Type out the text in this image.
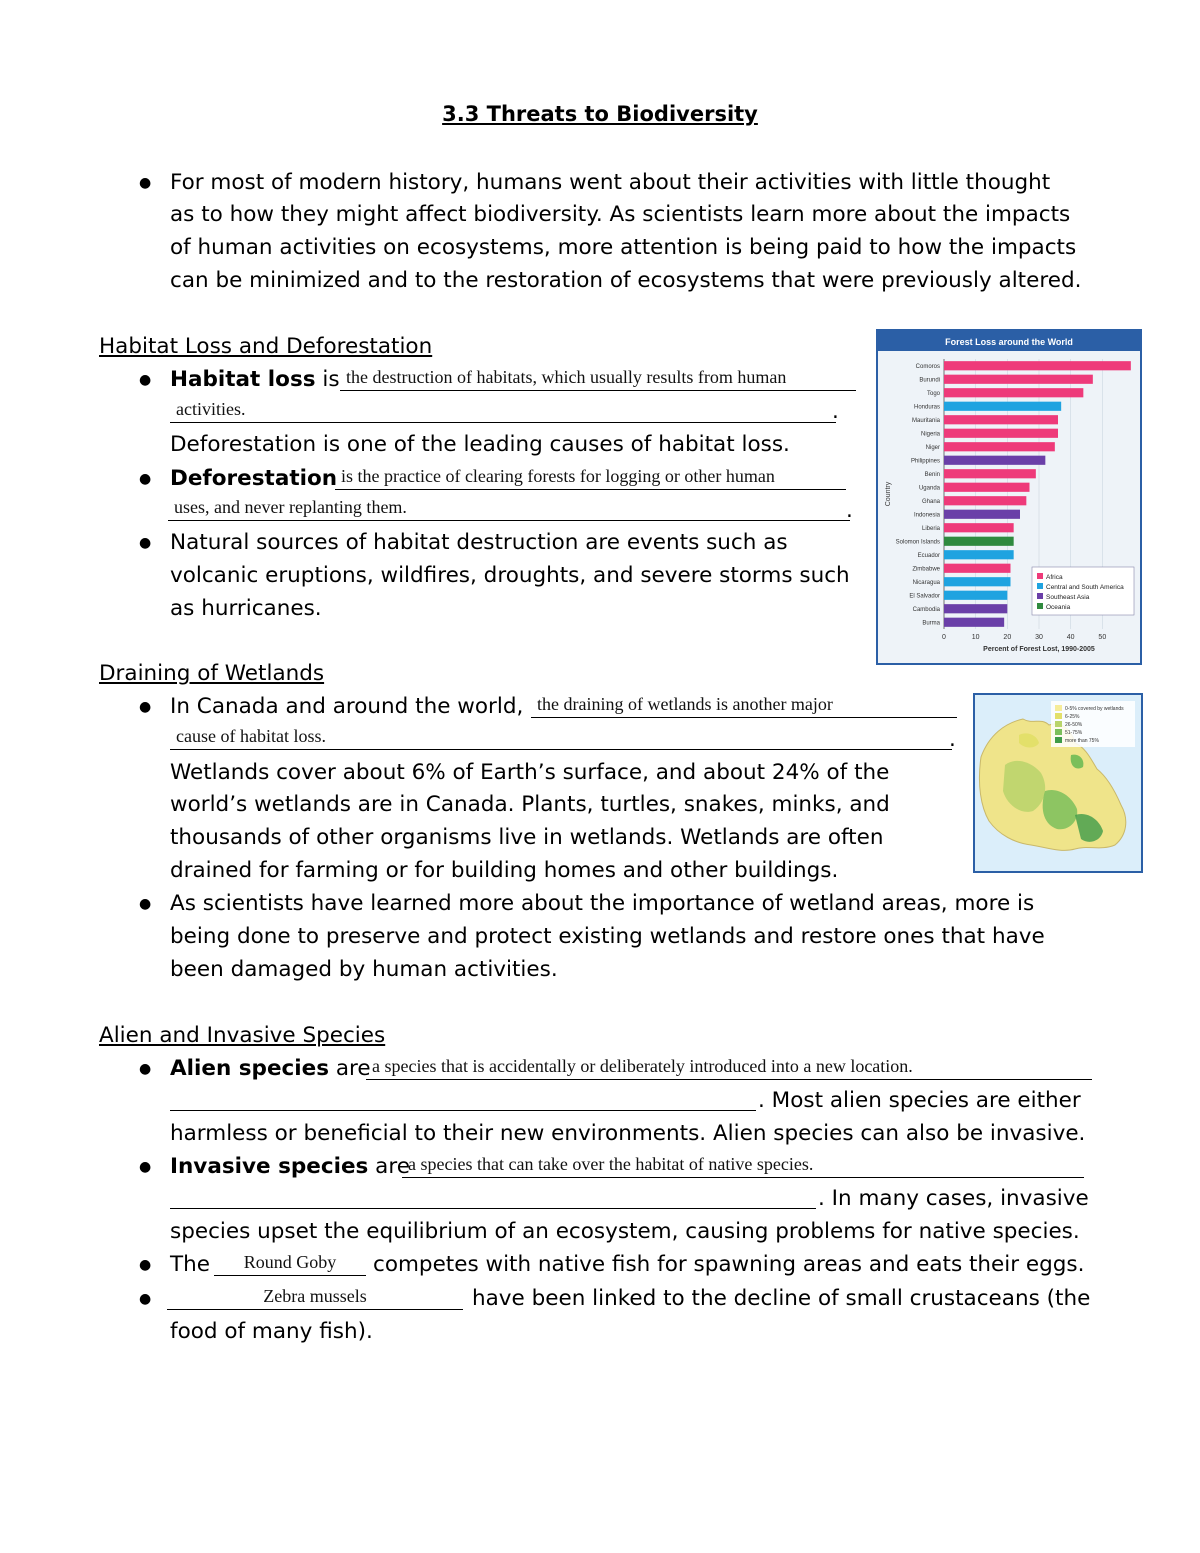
3.3 Threats to Biodiversity
● For most of modern history, humans went about their activities with little thought
as to how they might affect biodiversity. As scientists learn more about the impacts
of human activities on ecosystems, more attention is being paid to how the impacts
can be minimized and to the restoration of ecosystems that were previously altered.
Habitat Loss and Deforestation
● Habitat loss is the destruction of habitats, which usually results from human
activities.	.
Deforestation is one of the leading causes of habitat loss.
● Deforestation is the practice of clearing forests for logging or other human
uses, and never replanting them.	.
● Natural sources of habitat destruction are events such as
volcanic eruptions, wildfires, droughts, and severe storms such
as hurricanes.
Forest Loss around the World
0	10	20	30	40	50
Comoros
Burundi
Togo
Honduras
Mauritania
Nigeria
Niger
Philippines
Benin
Uganda
Ghana
Indonesia
Liberia
Solomon Islands
Ecuador
Zimbabwe
Nicaragua
El Salvador
Cambodia
Burma
Percent of Forest Lost, 1990-2005
Country
Africa
Central and South America
Southeast Asia
Oceania
Draining of Wetlands
● In Canada and around the world, the draining of wetlands is another major
cause of habitat loss.	.
Wetlands cover about 6% of Earth’s surface, and about 24% of the
world’s wetlands are in Canada. Plants, turtles, snakes, minks, and
thousands of other organisms live in wetlands. Wetlands are often
drained for farming or for building homes and other buildings.
● As scientists have learned more about the importance of wetland areas, more is
being done to preserve and protect existing wetlands and restore ones that have
been damaged by human activities.
0-5% covered by wetlands
6-25%
26-50%
51-75%
more than 75%
Alien and Invasive Species
● Alien species are a species that is accidentally or deliberately introduced into a new location.
. Most alien species are either
harmless or beneficial to their new environments. Alien species can also be invasive.
● Invasive species are
a species that can take over the habitat of native species.
. In many cases, invasive
species upset the equilibrium of an ecosystem, causing problems for native species.
● The	Round Goby	competes with native fish for spawning areas and eats their eggs.
●	Zebra mussels	have been linked to the decline of small crustaceans (the
food of many fish).
